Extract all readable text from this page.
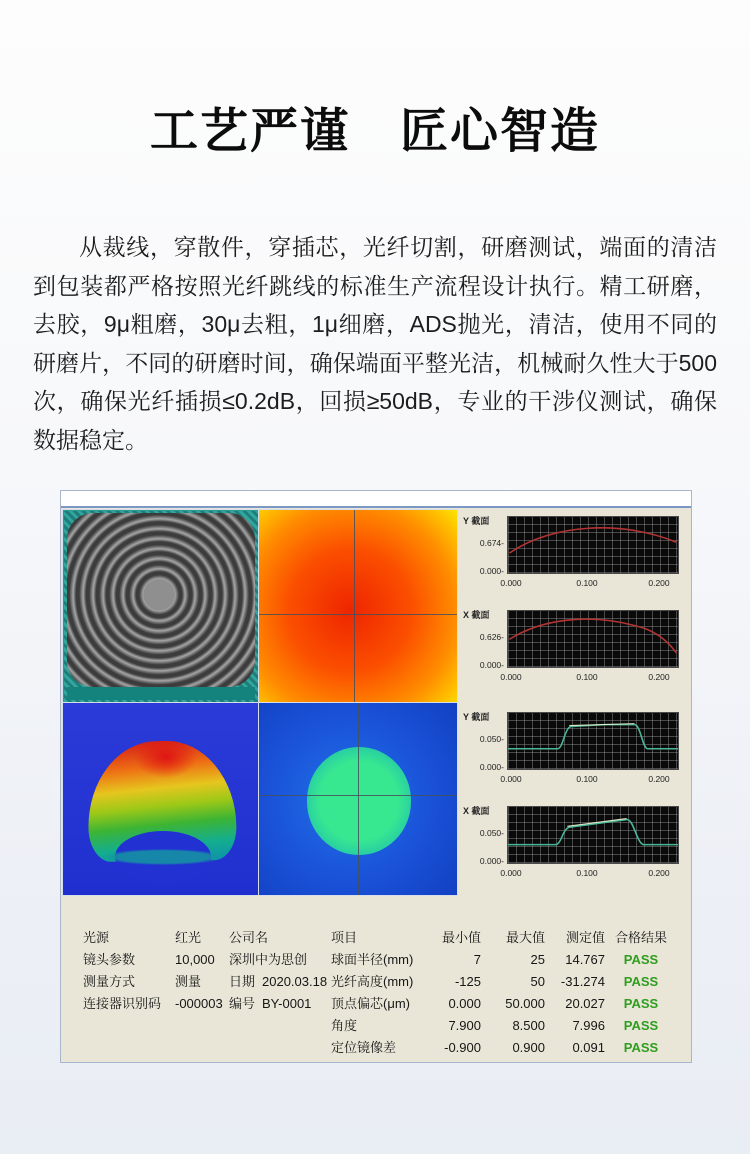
工艺严谨　匠心智造

从裁线，穿散件，穿插芯，光纤切割，研磨测试，端面的清洁到包装都严格按照光纤跳线的标准生产流程设计执行。精工研磨，去胶，9μ粗磨，30μ去粗，1μ细磨，ADS抛光，清洁，使用不同的研磨片，不同的研磨时间，确保端面平整光洁，机械耐久性大于500次，确保光纤插损≤0.2dB，回损≥50dB，专业的干涉仪测试，确保数据稳定。

Y 截面
0.674 -
0.000 -
0.000	0.100	0.200
X 截面
0.626 -
0.000 -
0.000	0.100	0.200
Y 截面
0.050 -
0.000 -
0.000	0.100	0.200
X 截面
0.050 -
0.000 -
0.000	0.100	0.200
光源	红光
镜头参数	10,000
测量方式	测量
连接器识别码	-000003
公司名
深圳中为思创
日期 2020.03.18
编号 BY-0001
项目	最小值	最大值	测定值 合格结果
球面半径(mm)	7	25	14.767	PASS
光纤高度(mm)	-125	50	-31.274	PASS
顶点偏芯(μm)	0.000	50.000	20.027	PASS
角度	7.900	8.500	7.996	PASS
定位镜像差	-0.900	0.900	0.091	PASS
